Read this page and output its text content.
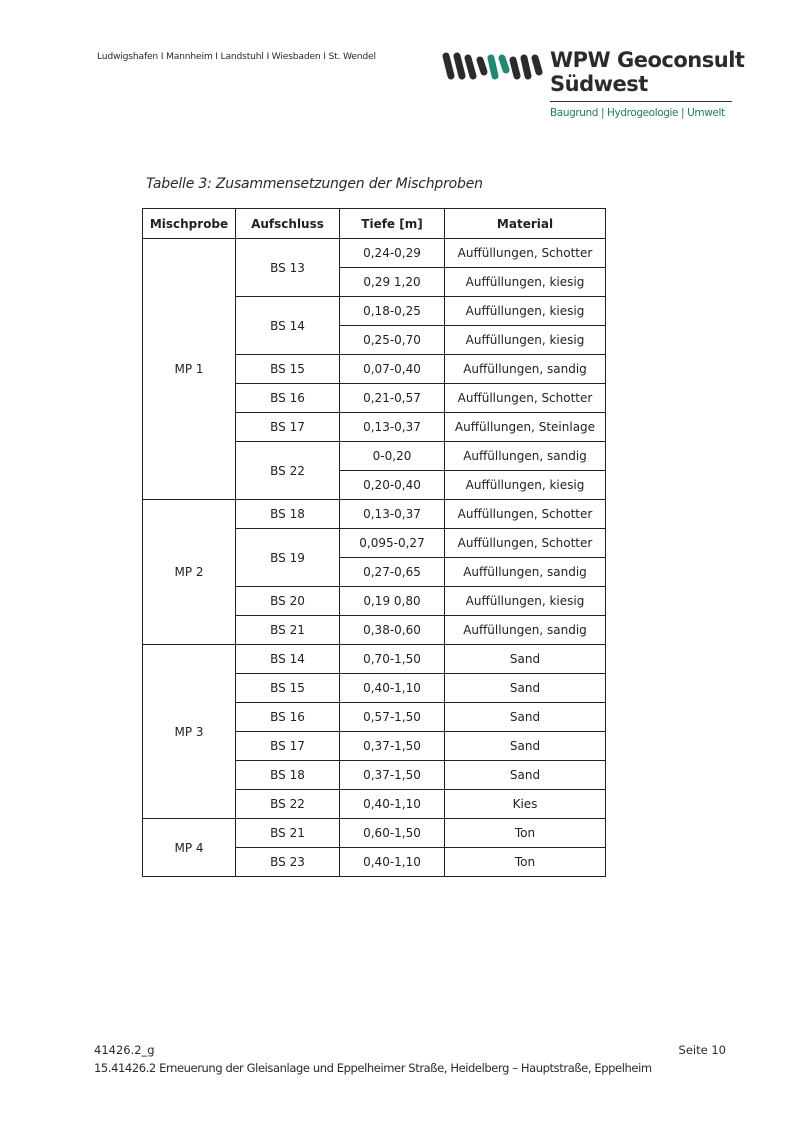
Ludwigshafen I Mannheim I Landstuhl I Wiesbaden I St. Wendel	WPW Geoconsult
Südwest
Baugrund | Hydrogeologie | Umwelt
Tabelle 3: Zusammensetzungen der Mischproben
Mischprobe	Aufschluss	Tiefe [m]	Material
MP 1	BS 13	0,24-0,29	Auffüllungen, Schotter
		0,29 1,20	Auffüllungen, kiesig
	BS 14	0,18-0,25	Auffüllungen, kiesig
		0,25-0,70	Auffüllungen, kiesig
	BS 15	0,07-0,40	Auffüllungen, sandig
	BS 16	0,21-0,57	Auffüllungen, Schotter
	BS 17	0,13-0,37	Auffüllungen, Steinlage
	BS 22	0-0,20	Auffüllungen, sandig
		0,20-0,40	Auffüllungen, kiesig
MP 2	BS 18	0,13-0,37	Auffüllungen, Schotter
	BS 19	0,095-0,27	Auffüllungen, Schotter
		0,27-0,65	Auffüllungen, sandig
	BS 20	0,19 0,80	Auffüllungen, kiesig
	BS 21	0,38-0,60	Auffüllungen, sandig
MP 3	BS 14	0,70-1,50	Sand
	BS 15	0,40-1,10	Sand
	BS 16	0,57-1,50	Sand
	BS 17	0,37-1,50	Sand
	BS 18	0,37-1,50	Sand
	BS 22	0,40-1,10	Kies
MP 4	BS 21	0,60-1,50	Ton
	BS 23	0,40-1,10	Ton
41426.2_g	Seite 10
15.41426.2 Erneuerung der Gleisanlage und Eppelheimer Straße, Heidelberg – Hauptstraße, Eppelheim
